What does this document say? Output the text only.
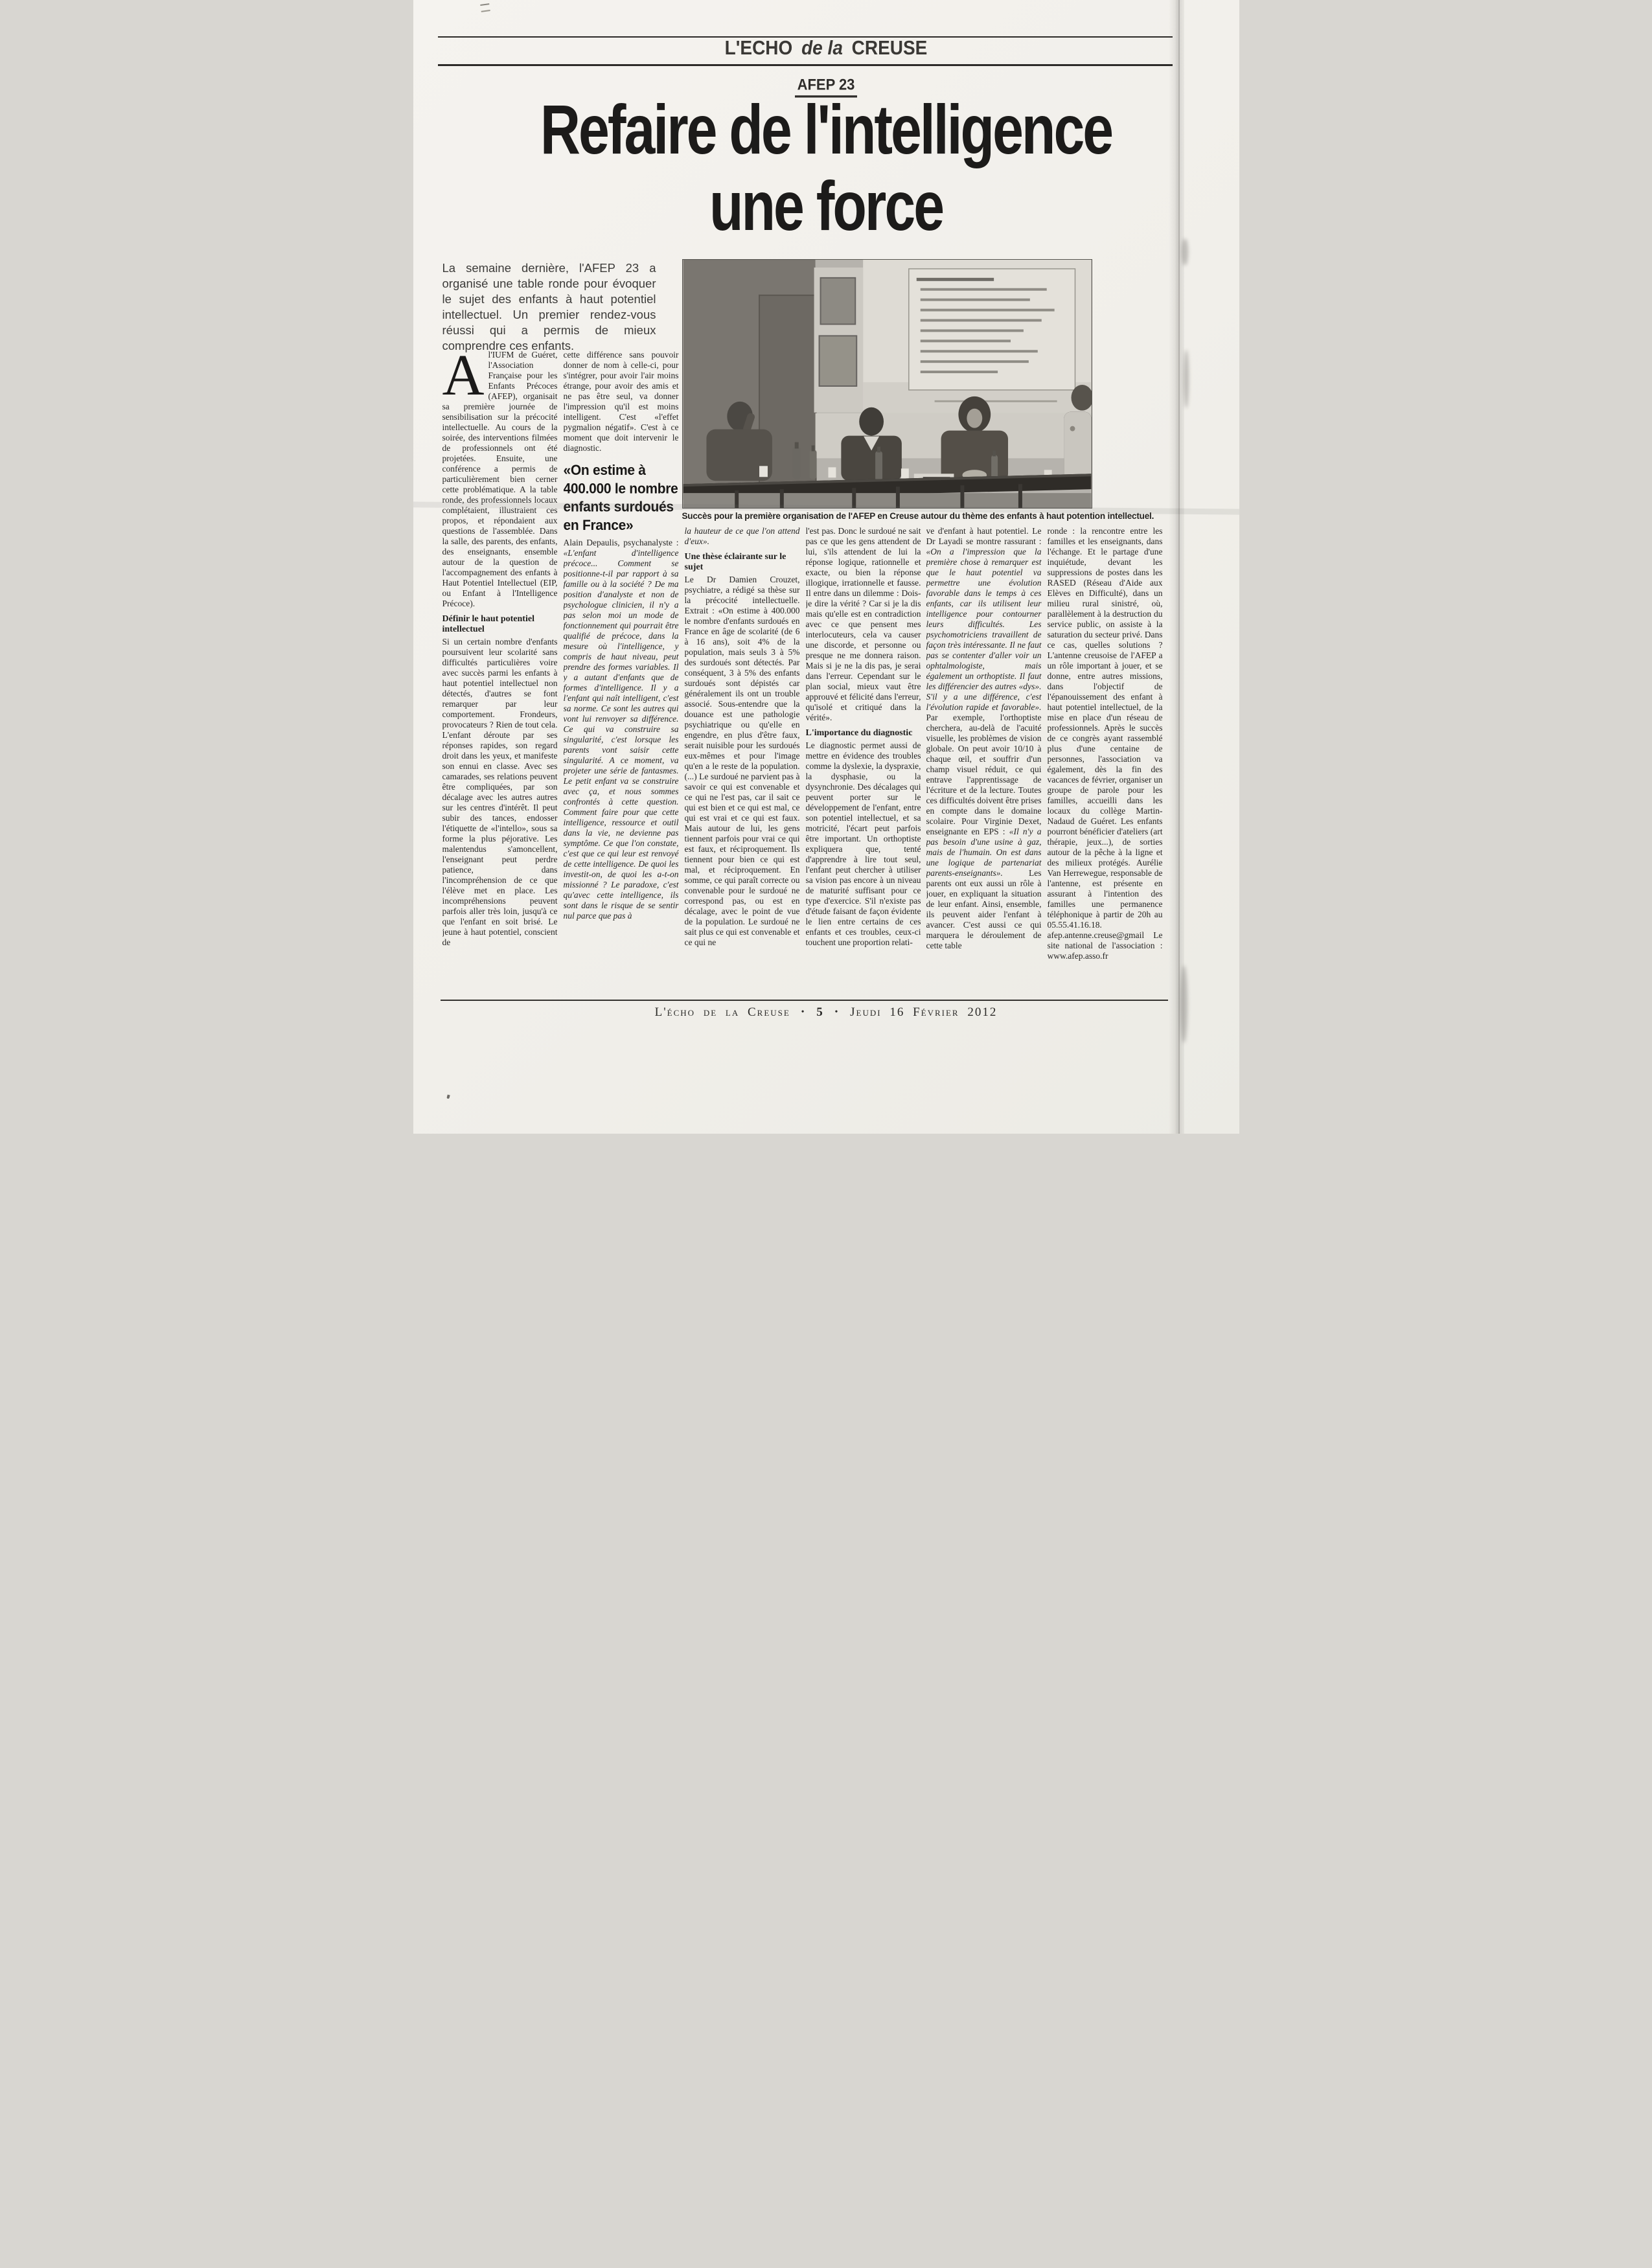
L'ECHO de la CREUSE
AFEP 23
Refaire de l'intelligence
une force

La semaine dernière, l'AFEP 23 a organisé une table ronde pour évoquer le sujet des enfants à haut potentiel intellectuel. Un premier rendez-vous réussi qui a permis de mieux comprendre ces enfants.

Succès pour la première organisation de l'AFEP en Creuse autour du thème des enfants à haut potention intellectuel.

Al'IUFM de Guéret, l'Association Française pour les Enfants Précoces (AFEP), organisait sa première journée de sensibilisation sur la précocité intellectuelle. Au cours de la soirée, des interventions filmées de professionnels ont été projetées. Ensuite, une conférence a permis de particulièrement bien cerner cette problématique. A la table ronde, des professionnels locaux complétaient, illustraient ces propos, et répondaient aux questions de l'assemblée. Dans la salle, des parents, des enfants, des enseignants, ensemble autour de la question de l'accompagnement des enfants à Haut Potentiel Intellectuel (EIP, ou Enfant à l'Intelligence Précoce).

Définir le haut potentiel intellectuel

Si un certain nombre d'enfants poursuivent leur scolarité sans difficultés particulières voire avec succès parmi les enfants à haut potentiel intellectuel non détectés, d'autres se font remarquer par leur comportement. Frondeurs, provocateurs ? Rien de tout cela. L'enfant déroute par ses réponses rapides, son regard droit dans les yeux, et manifeste son ennui en classe. Avec ses camarades, ses relations peuvent être compliquées, par son décalage avec les autres autres sur les centres d'intérêt. Il peut subir des tances, endosser l'étiquette de «l'intello», sous sa forme la plus péjorative. Les malentendus s'amoncellent, l'enseignant peut perdre patience, dans l'incompréhension de ce que l'élève met en place. Les incompréhensions peuvent parfois aller très loin, jusqu'à ce que l'enfant en soit brisé. Le jeune à haut potentiel, conscient de

cette différence sans pouvoir donner de nom à celle-ci, pour s'intégrer, pour avoir l'air moins étrange, pour avoir des amis et ne pas être seul, va donner l'impression qu'il est moins intelligent. C'est «l'effet pygmalion négatif». C'est à ce moment que doit intervenir le diagnostic.

«On estime à 400.000 le nombre enfants surdoués en France»

Alain Depaulis, psychanalyste : «L'enfant d'intelligence précoce... Comment se positionne-t-il par rapport à sa famille ou à la société ? De ma position d'analyste et non de psychologue clinicien, il n'y a pas selon moi un mode de fonctionnement qui pourrait être qualifié de précoce, dans la mesure où l'intelligence, y compris de haut niveau, peut prendre des formes variables. Il y a autant d'enfants que de formes d'intelligence. Il y a l'enfant qui naît intelligent, c'est sa norme. Ce sont les autres qui vont lui renvoyer sa différence. Ce qui va construire sa singularité, c'est lorsque les parents vont saisir cette singularité. A ce moment, va projeter une série de fantasmes. Le petit enfant va se construire avec ça, et nous sommes confrontés à cette question. Comment faire pour que cette intelligence, ressource et outil dans la vie, ne devienne pas symptôme. Ce que l'on constate, c'est que ce qui leur est renvoyé de cette intelligence. De quoi les investit-on, de quoi les a-t-on missionné ? Le paradoxe, c'est qu'avec cette intelligence, ils sont dans le risque de se sentir nul parce que pas à

la hauteur de ce que l'on attend d'eux».

Une thèse éclairante sur le sujet

Le Dr Damien Crouzet, psychiatre, a rédigé sa thèse sur la précocité intellectuelle. Extrait : «On estime à 400.000 le nombre d'enfants surdoués en France en âge de scolarité (de 6 à 16 ans), soit 4% de la population, mais seuls 3 à 5% des surdoués sont détectés. Par conséquent, 3 à 5% des enfants surdoués sont dépistés car généralement ils ont un trouble associé. Sous-entendre que la douance est une pathologie psychiatrique ou qu'elle en engendre, en plus d'être faux, serait nuisible pour les surdoués eux-mêmes et pour l'image qu'en a le reste de la population. (...) Le surdoué ne parvient pas à savoir ce qui est convenable et ce qui ne l'est pas, car il sait ce qui est bien et ce qui est mal, ce qui est vrai et ce qui est faux. Mais autour de lui, les gens tiennent parfois pour vrai ce qui est faux, et réciproquement. Ils tiennent pour bien ce qui est mal, et réciproquement. En somme, ce qui paraît correcte ou convenable pour le surdoué ne correspond pas, ou est en décalage, avec le point de vue de la population. Le surdoué ne sait plus ce qui est convenable et ce qui ne

l'est pas. Donc le surdoué ne sait pas ce que les gens attendent de lui, s'ils attendent de lui la réponse logique, rationnelle et exacte, ou bien la réponse illogique, irrationnelle et fausse. Il entre dans un dilemme : Dois-je dire la vérité ? Car si je la dis mais qu'elle est en contradiction avec ce que pensent mes interlocuteurs, cela va causer une discorde, et personne ou presque ne me donnera raison. Mais si je ne la dis pas, je serai dans l'erreur. Cependant sur le plan social, mieux vaut être approuvé et félicité dans l'erreur, qu'isolé et critiqué dans la vérité».

L'importance du diagnostic

Le diagnostic permet aussi de mettre en évidence des troubles comme la dyslexie, la dyspraxie, la dysphasie, ou la dysynchronie. Des décalages qui peuvent porter sur le développement de l'enfant, entre son potentiel intellectuel, et sa motricité, l'écart peut parfois être important. Un orthoptiste expliquera que, tenté d'apprendre à lire tout seul, l'enfant peut chercher à utiliser sa vision pas encore à un niveau de maturité suffisant pour ce type d'exercice. S'il n'existe pas d'étude faisant de façon évidente le lien entre certains de ces enfants et ces troubles, ceux-ci touchent une proportion relati-

ve d'enfant à haut potentiel. Le Dr Layadi se montre rassurant : «On a l'impression que la première chose à remarquer est que le haut potentiel va permettre une évolution favorable dans le temps à ces enfants, car ils utilisent leur intelligence pour contourner leurs difficultés. Les psychomotriciens travaillent de façon très intéressante. Il ne faut pas se contenter d'aller voir un ophtalmologiste, mais également un orthoptiste. Il faut les différencier des autres «dys». S'il y a une différence, c'est l'évolution rapide et favorable». Par exemple, l'orthoptiste cherchera, au-delà de l'acuité visuelle, les problèmes de vision globale. On peut avoir 10/10 à chaque œil, et souffrir d'un champ visuel réduit, ce qui entrave l'apprentissage de l'écriture et de la lecture. Toutes ces difficultés doivent être prises en compte dans le domaine scolaire. Pour Virginie Dexet, enseignante en EPS : «Il n'y a pas besoin d'une usine à gaz, mais de l'humain. On est dans une logique de partenariat parents-enseignants». Les parents ont eux aussi un rôle à jouer, en expliquant la situation de leur enfant. Ainsi, ensemble, ils peuvent aider l'enfant à avancer. C'est aussi ce qui marquera le déroulement de cette table

ronde : la rencontre entre les familles et les enseignants, dans l'échange. Et le partage d'une inquiétude, devant les suppressions de postes dans les RASED (Réseau d'Aide aux Elèves en Difficulté), dans un milieu rural sinistré, où, parallèlement à la destruction du service public, on assiste à la saturation du secteur privé. Dans ce cas, quelles solutions ? L'antenne creusoise de l'AFEP a un rôle important à jouer, et se donne, entre autres missions, dans l'objectif de l'épanouissement des enfant à haut potentiel intellectuel, de la mise en place d'un réseau de professionnels. Après le succès de ce congrès ayant rassemblé plus d'une centaine de personnes, l'association va également, dès la fin des vacances de février, organiser un groupe de parole pour les familles, accueilli dans les locaux du collège Martin-Nadaud de Guéret. Les enfants pourront bénéficier d'ateliers (art thérapie, jeux...), de sorties autour de la pêche à la ligne et des milieux protégés. Aurélie Van Herrewegue, responsable de l'antenne, est présente en assurant à l'intention des familles une permanence téléphonique à partir de 20h au 05.55.41.16.18. afep.antenne.creuse@gmail Le site national de l'association : www.afep.asso.fr

L'écho de la Creuse • 5 • Jeudi 16 Février 2012
